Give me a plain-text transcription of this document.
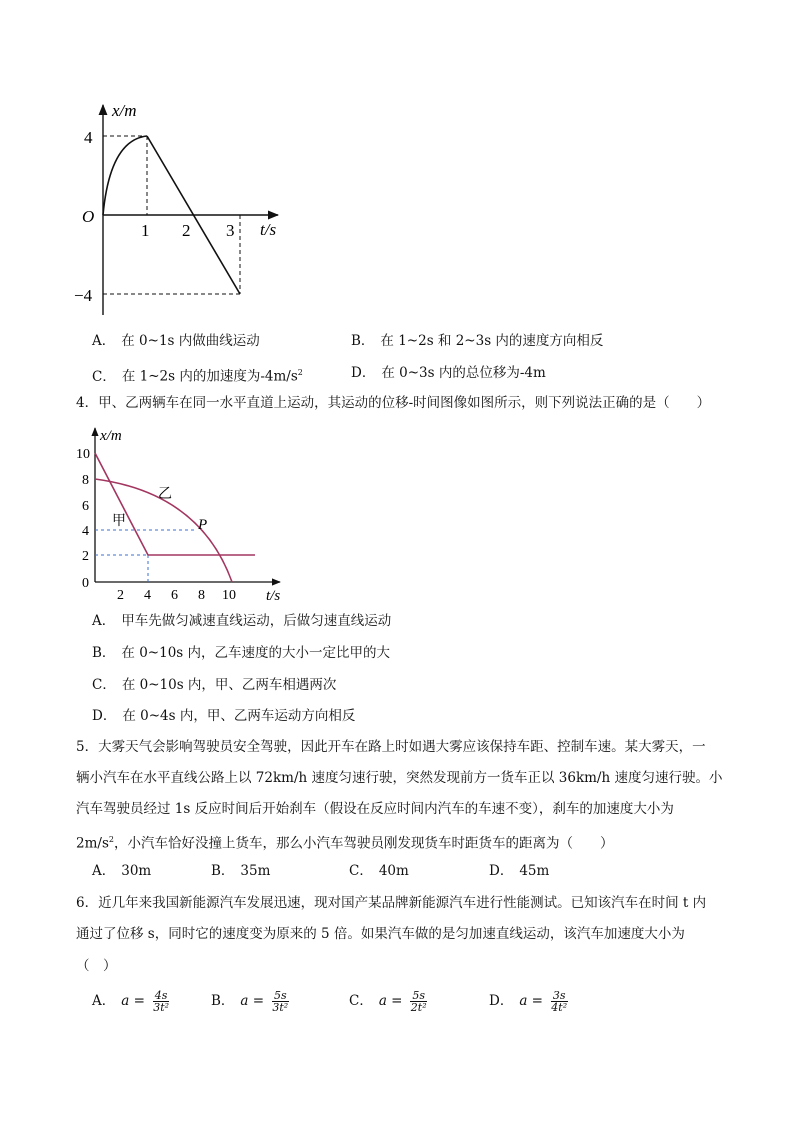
x/m
t/s
O
4
−4
1 2 3
A． 在 0~1s 内做曲线运动	B． 在 1~2s 和 2~3s 内的速度方向相反
C． 在 1~2s 内的加速度为$-4m/s^2$	D． 在 0~3s 内的总位移为-4m
4．甲、乙两辆车在同一水平直道上运动，其运动的位移-时间图像如图所示，则下列说法正确的是（　　）
x/m
t/s
10
8
6
4
2
0
2 4 6 8 10
甲
乙
P
A． 甲车先做匀减速直线运动，后做匀速直线运动
B． 在 0~10s 内，乙车速度的大小一定比甲的大
C． 在 0~10s 内，甲、乙两车相遇两次
D． 在 0~4s 内，甲、乙两车运动方向相反
5．大雾天气会影响驾驶员安全驾驶，因此开车在路上时如遇大雾应该保持车距、控制车速。某大雾天，一
辆小汽车在水平直线公路上以 72km/h 速度匀速行驶，突然发现前方一货车正以 36km/h 速度匀速行驶。小
汽车驾驶员经过 1s 反应时间后开始刹车（假设在反应时间内汽车的车速不变），刹车的加速度大小为
$2m/s^2$，小汽车恰好没撞上货车，那么小汽车驾驶员刚发现货车时距货车的距离为（　　）
A． 30m	B． 35m	C． 40m	D． 45m
6．近几年来我国新能源汽车发展迅速，现对国产某品牌新能源汽车进行性能测试。已知该汽车在时间 t 内
通过了位移 s，同时它的速度变为原来的 5 倍。如果汽车做的是匀加速直线运动，该汽车加速度大小为
（　）
A． $a = \frac{4s}{\text{3t²}}$	B． $a = \frac{5s}{\text{3t²}}$	C． $a = \frac{5s}{\text{2t²}}$	D． $a = \frac{3s}{\text{4t²}}$
